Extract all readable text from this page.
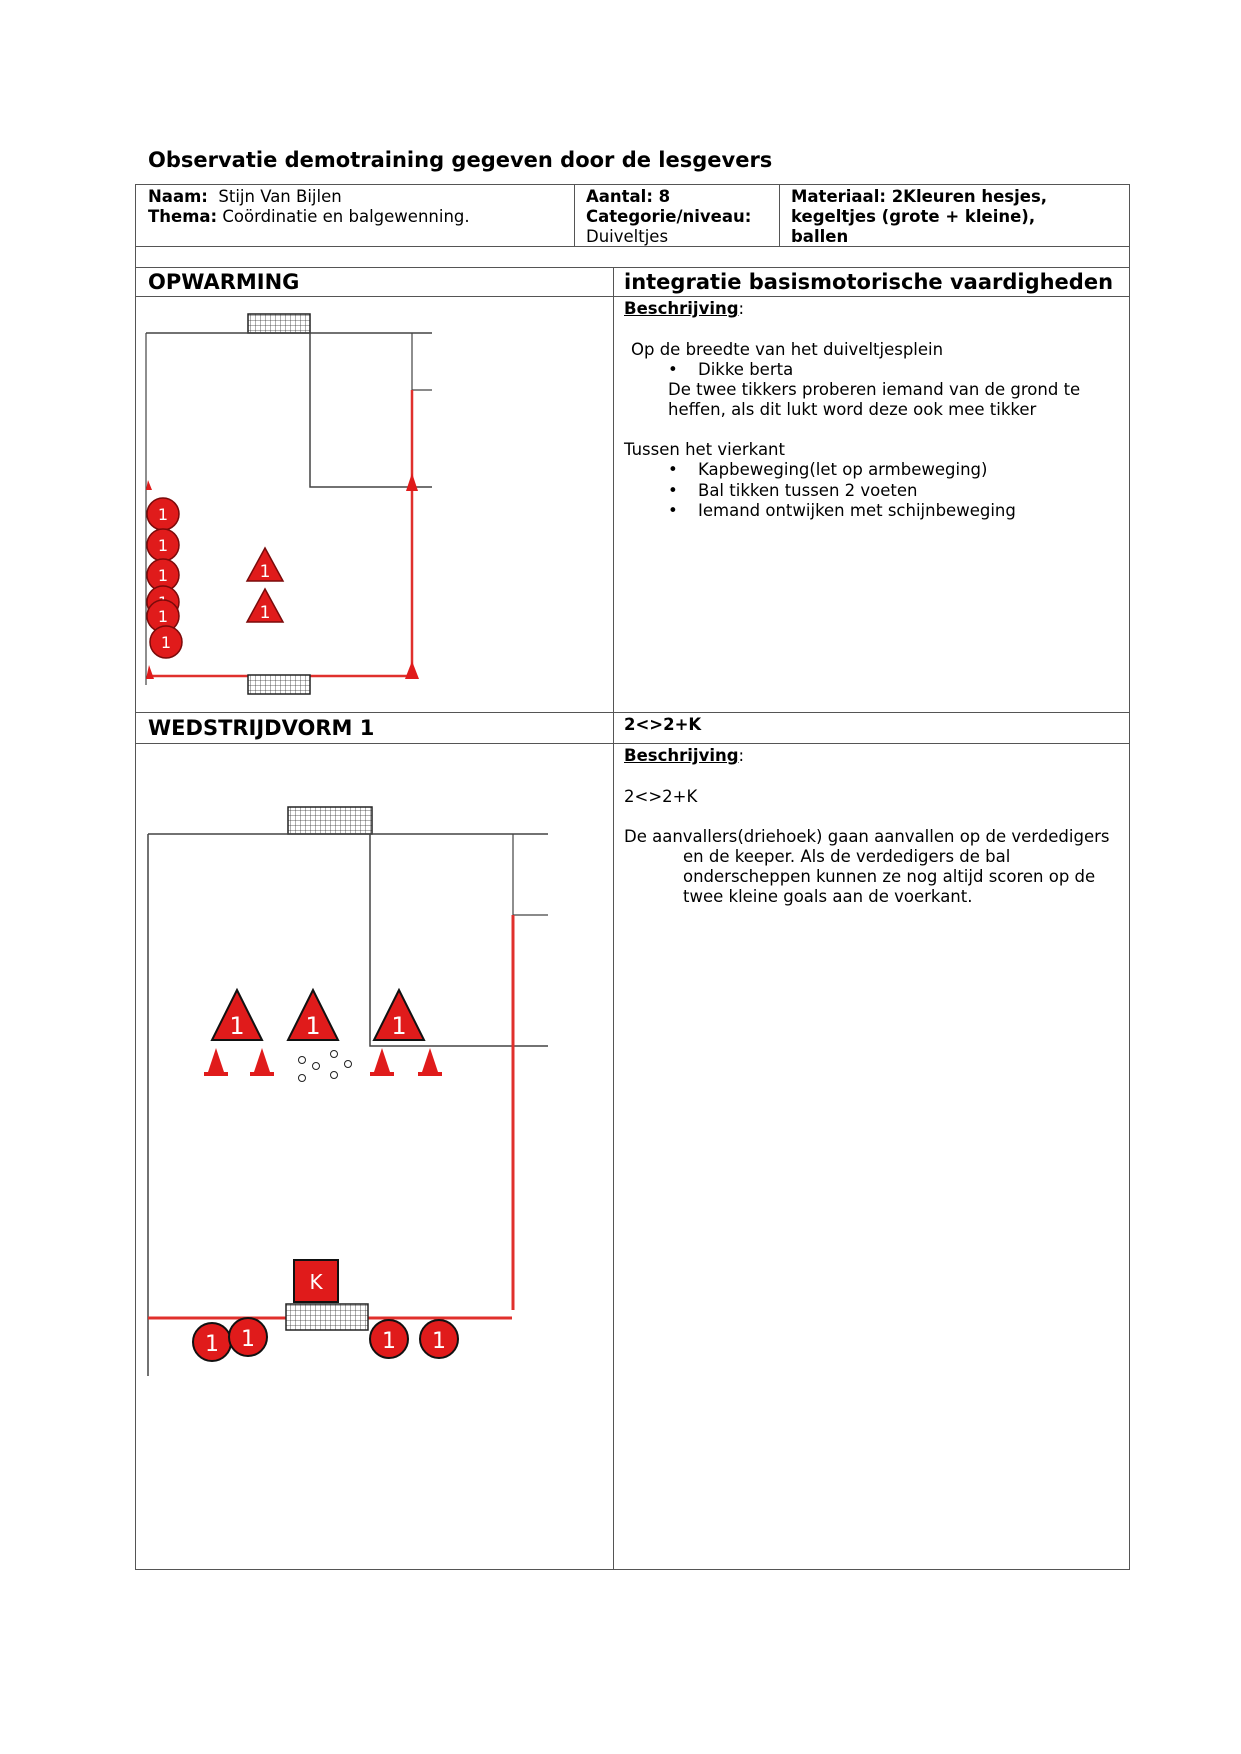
Observatie demotraining gegeven door de lesgevers
Naam: Stijn Van Bijlen
Thema: Coördinatie en balgewenning.
Aantal: 8
Categorie/niveau:
Duiveltjes
Materiaal: 2Kleuren hesjes,
kegeltjes (grote + kleine),
ballen
OPWARMING	integratie basismotorische vaardigheden
Beschrijving:
Op de breedte van het duiveltjesplein
• Dikke berta
De twee tikkers proberen iemand van de grond te
heffen, als dit lukt word deze ook mee tikker
Tussen het vierkant
• Kapbeweging(let op armbeweging)
• Bal tikken tussen 2 voeten
• Iemand ontwijken met schijnbeweging
WEDSTRIJDVORM 1	2<>2+K
Beschrijving:
2<>2+K
De aanvallers(driehoek) gaan aanvallen op de verdedigers
en de keeper. Als de verdedigers de bal
onderscheppen kunnen ze nog altijd scoren op de
twee kleine goals aan de voerkant.
1
1
1
1
1
1
1
1	1	1
K
1 1	1 1
